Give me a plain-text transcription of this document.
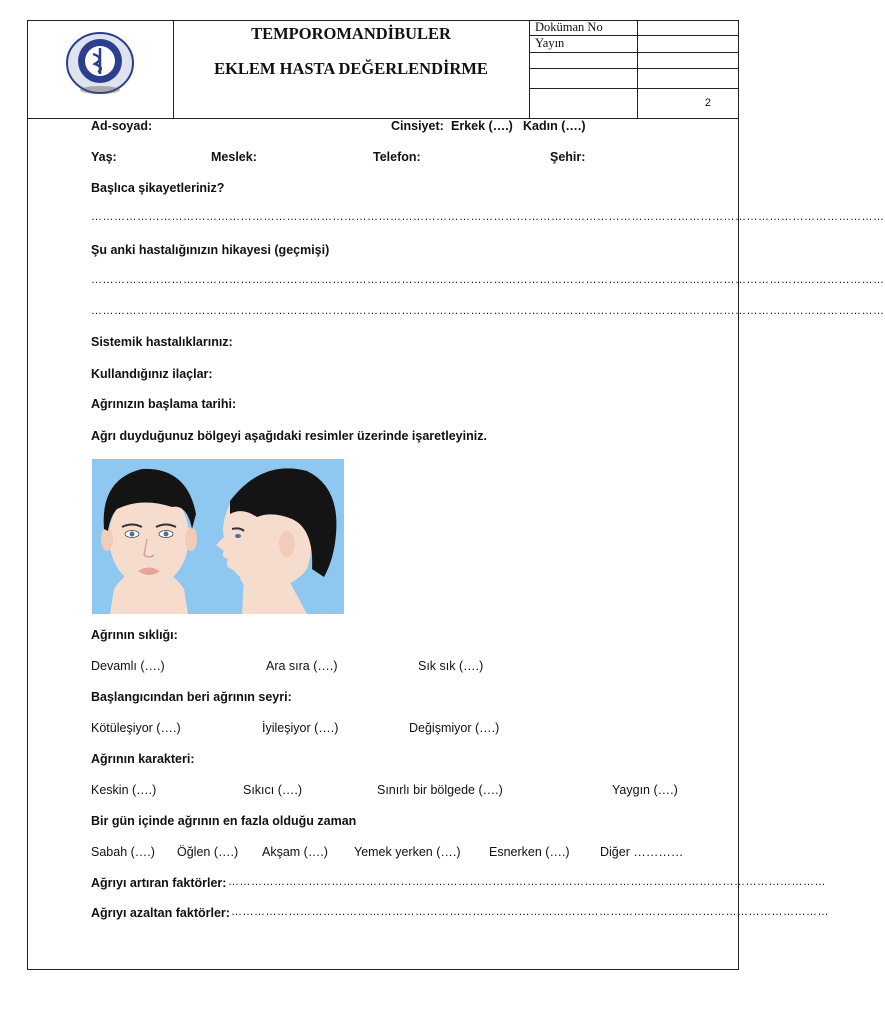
TEMPOROMANDİBULER
EKLEM HASTA DEĞERLENDİRME
Doküman No
Yayın
2
Ad-soyad:	Cinsiyet: Erkek (….) Kadın (….)
Yaş:	Meslek:	Telefon:	Şehir:
Başlıca şikayetleriniz?
………………………………………………………………………………………………………………………………………………………………………………………
Şu anki hastalığınızın hikayesi (geçmişi)
………………………………………………………………………………………………………………………………………………………………………………………
………………………………………………………………………………………………………………………………………………………………………………………
Sistemik hastalıklarınız:
Kullandığınız ilaçlar:
Ağrınızın başlama tarihi:
Ağrı duyduğunuz bölgeyi aşağıdaki resimler üzerinde işaretleyiniz.
Ağrının sıklığı:
Devamlı (….)	Ara sıra (….)	Sık sık (….)
Başlangıcından beri ağrının seyri:
Kötüleşiyor (….)	İyileşiyor (….)	Değişmiyor (….)
Ağrının karakteri:
Keskin (….)	Sıkıcı (….)	Sınırlı bir bölgede (….)	Yaygın (….)
Bir gün içinde ağrının en fazla olduğu zaman
Sabah (….) Öğlen (….) Akşam (….) Yemek yerken (….) Esnerken (….) Diğer …………
Ağrıyı artıran faktörler: …………………………………………………………………………………………………………………………………………
Ağrıyı azaltan faktörler: …………………………………………………………………………………………………………………………………………
